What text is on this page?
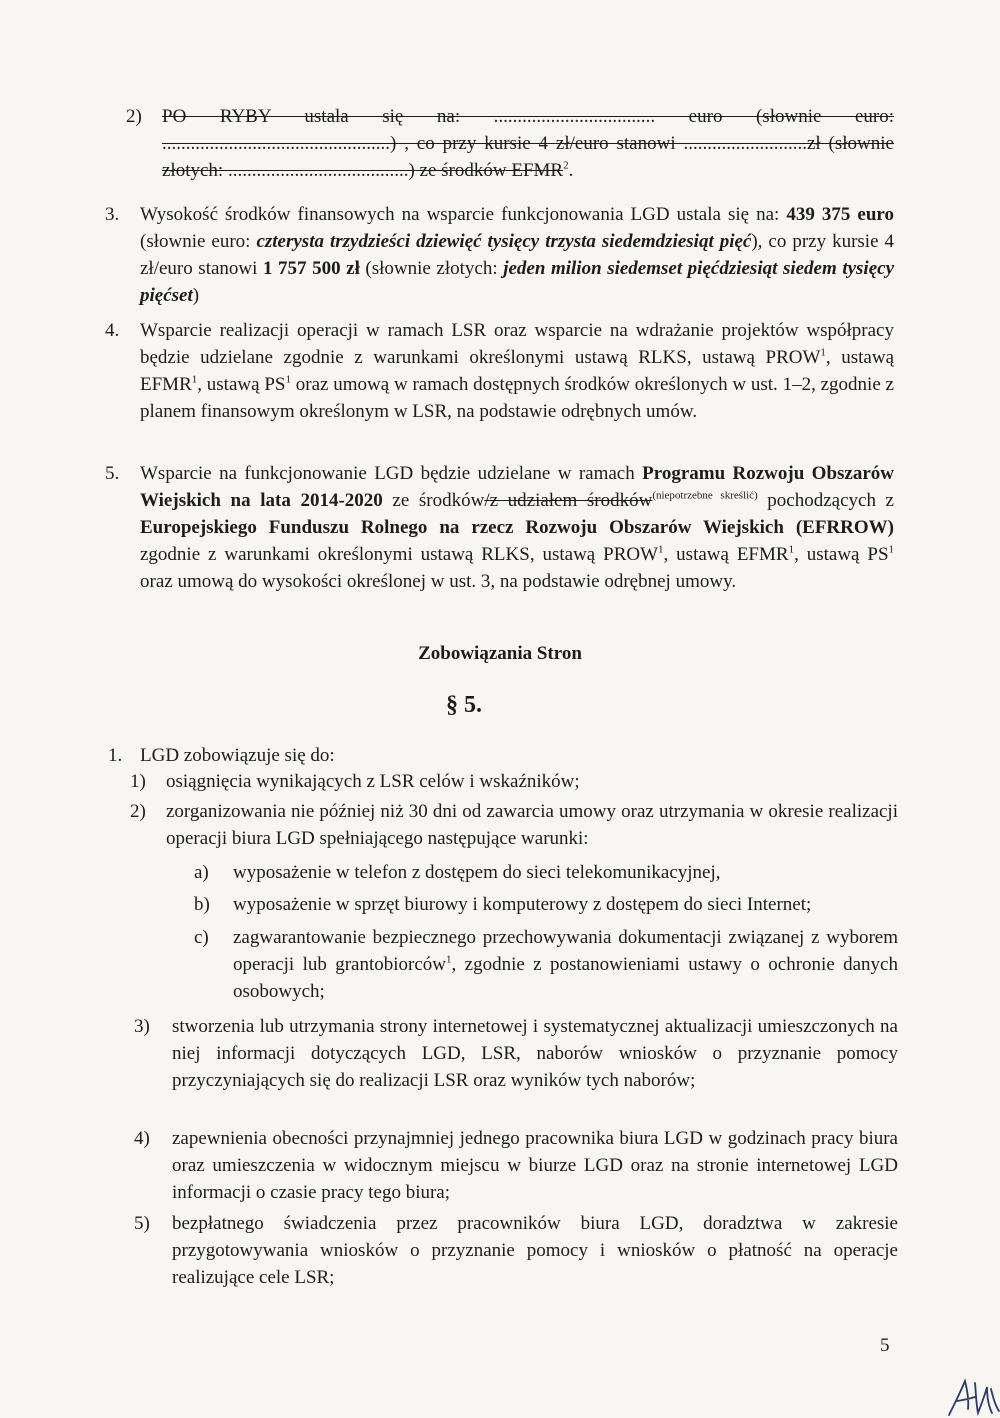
2) PO RYBY ustala się na: .................................. euro (słownie euro: ................................................) , co przy kursie 4 zł/euro stanowi ..........................zł (słownie złotych: ......................................) ze środków EFMR$^2$.
3. Wysokość środków finansowych na wsparcie funkcjonowania LGD ustala się na: 439 375 euro (słownie euro: czterysta trzydzieści dziewięć tysięcy trzysta siedemdziesiąt pięć), co przy kursie 4 zł/euro stanowi 1 757 500 zł (słownie złotych: jeden milion siedemset pięćdziesiąt siedem tysięcy pięćset)
4. Wsparcie realizacji operacji w ramach LSR oraz wsparcie na wdrażanie projektów współpracy będzie udzielane zgodnie z warunkami określonymi ustawą RLKS, ustawą PROW$^1$, ustawą EFMR$^1$, ustawą $PS^1$ oraz umową w ramach dostępnych środków określonych w ust. 1–2, zgodnie z planem finansowym określonym w LSR, na podstawie odrębnych umów.
5. Wsparcie na funkcjonowanie LGD będzie udzielane w ramach Programu Rozwoju Obszarów Wiejskich na lata 2014-2020 ze środków/z udziałem środków$^{(niepotrzebne skreślić)}$ pochodzących z Europejskiego Funduszu Rolnego na rzecz Rozwoju Obszarów Wiejskich (EFRROW) zgodnie z warunkami określonymi ustawą RLKS, ustawą PROW$^1$, ustawą EFMR$^1$, ustawą $PS^1$ oraz umową do wysokości określonej w ust. 3, na podstawie odrębnej umowy.
Zobowiązania Stron
§ 5.
1. LGD zobowiązuje się do:
1) osiągnięcia wynikających z LSR celów i wskaźników;
2) zorganizowania nie później niż 30 dni od zawarcia umowy oraz utrzymania w okresie realizacji operacji biura LGD spełniającego następujące warunki:
a) wyposażenie w telefon z dostępem do sieci telekomunikacyjnej,
b) wyposażenie w sprzęt biurowy i komputerowy z dostępem do sieci Internet;
c) zagwarantowanie bezpiecznego przechowywania dokumentacji związanej z wyborem operacji lub grantobiorców$^1$, zgodnie z postanowieniami ustawy o ochronie danych osobowych;
3) stworzenia lub utrzymania strony internetowej i systematycznej aktualizacji umieszczonych na niej informacji dotyczących LGD, LSR, naborów wniosków o przyznanie pomocy przyczyniających się do realizacji LSR oraz wyników tych naborów;
4) zapewnienia obecności przynajmniej jednego pracownika biura LGD w godzinach pracy biura oraz umieszczenia w widocznym miejscu w biurze LGD oraz na stronie internetowej LGD informacji o czasie pracy tego biura;
5) bezpłatnego świadczenia przez pracowników biura LGD, doradztwa w zakresie przygotowywania wniosków o przyznanie pomocy i wniosków o płatność na operacje realizujące cele LSR;
5
